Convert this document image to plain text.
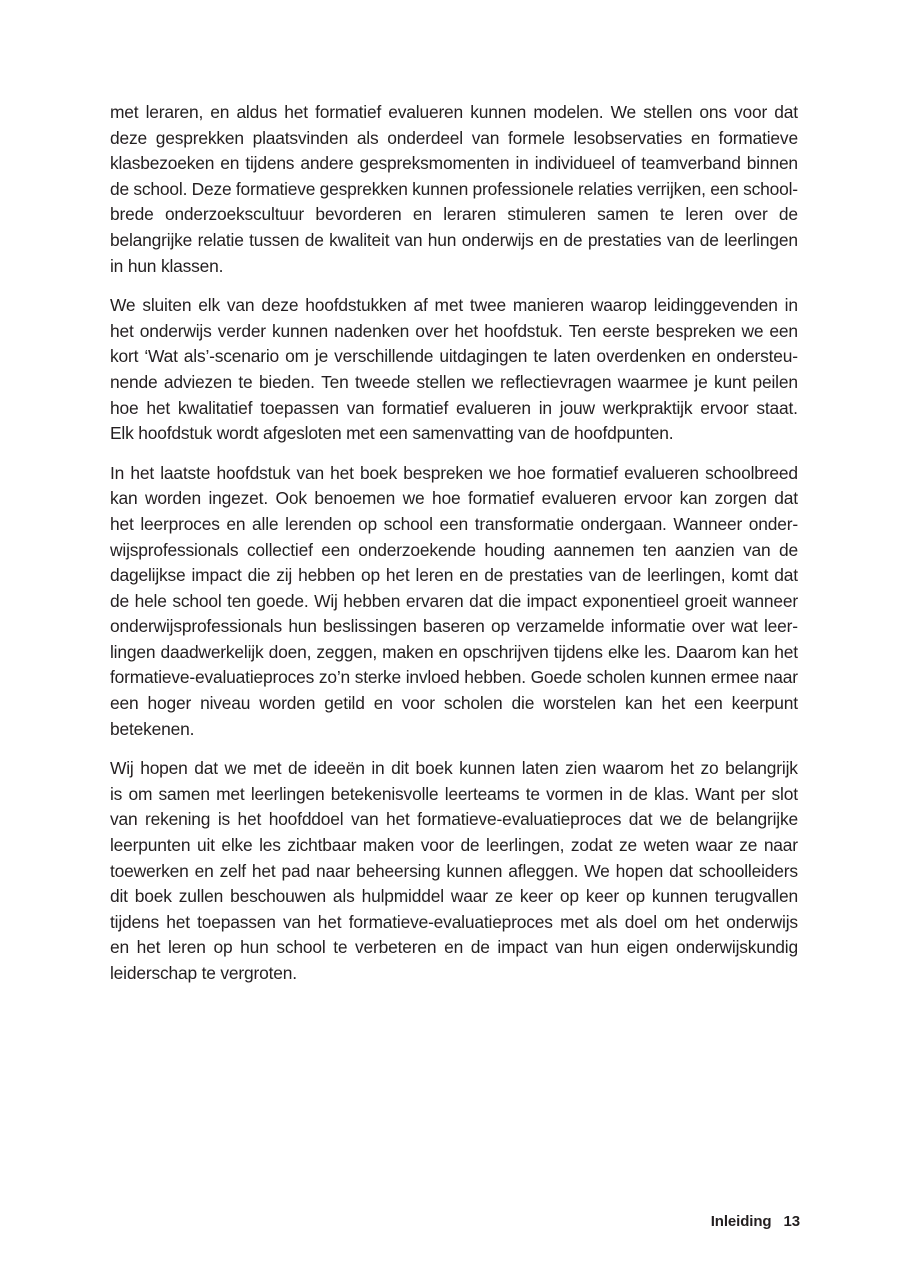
met leraren, en aldus het formatief evalueren kunnen modelen. We stellen ons voor dat
deze gesprekken plaatsvinden als onderdeel van formele lesobservaties en formatieve
klasbezoeken en tijdens andere gespreksmomenten in individueel of teamverband binnen
de school. Deze formatieve gesprekken kunnen professionele relaties verrijken, een school-
brede onderzoekscultuur bevorderen en leraren stimuleren samen te leren over de
belangrijke relatie tussen de kwaliteit van hun onderwijs en de prestaties van de leerlingen
in hun klassen.

We sluiten elk van deze hoofdstukken af met twee manieren waarop leidinggevenden in
het onderwijs verder kunnen nadenken over het hoofdstuk. Ten eerste bespreken we een
kort ‘Wat als’-scenario om je verschillende uitdagingen te laten overdenken en ondersteu-
nende adviezen te bieden. Ten tweede stellen we reflectievragen waarmee je kunt peilen
hoe het kwalitatief toepassen van formatief evalueren in jouw werkpraktijk ervoor staat.
Elk hoofdstuk wordt afgesloten met een samenvatting van de hoofdpunten.

In het laatste hoofdstuk van het boek bespreken we hoe formatief evalueren schoolbreed
kan worden ingezet. Ook benoemen we hoe formatief evalueren ervoor kan zorgen dat
het leerproces en alle lerenden op school een transformatie ondergaan. Wanneer onder-
wijsprofessionals collectief een onderzoekende houding aannemen ten aanzien van de
dagelijkse impact die zij hebben op het leren en de prestaties van de leerlingen, komt dat
de hele school ten goede. Wij hebben ervaren dat die impact exponentieel groeit wanneer
onderwijsprofessionals hun beslissingen baseren op verzamelde informatie over wat leer-
lingen daadwerkelijk doen, zeggen, maken en opschrijven tijdens elke les. Daarom kan het
formatieve-evaluatieproces zo’n sterke invloed hebben. Goede scholen kunnen ermee naar
een hoger niveau worden getild en voor scholen die worstelen kan het een keerpunt
betekenen.

Wij hopen dat we met de ideeën in dit boek kunnen laten zien waarom het zo belangrijk
is om samen met leerlingen betekenisvolle leerteams te vormen in de klas. Want per slot
van rekening is het hoofddoel van het formatieve-evaluatieproces dat we de belangrijke
leerpunten uit elke les zichtbaar maken voor de leerlingen, zodat ze weten waar ze naar
toewerken en zelf het pad naar beheersing kunnen afleggen. We hopen dat schoolleiders
dit boek zullen beschouwen als hulpmiddel waar ze keer op keer op kunnen terugvallen
tijdens het toepassen van het formatieve-evaluatieproces met als doel om het onderwijs
en het leren op hun school te verbeteren en de impact van hun eigen onderwijskundig
leiderschap te vergroten.

Inleiding 13
